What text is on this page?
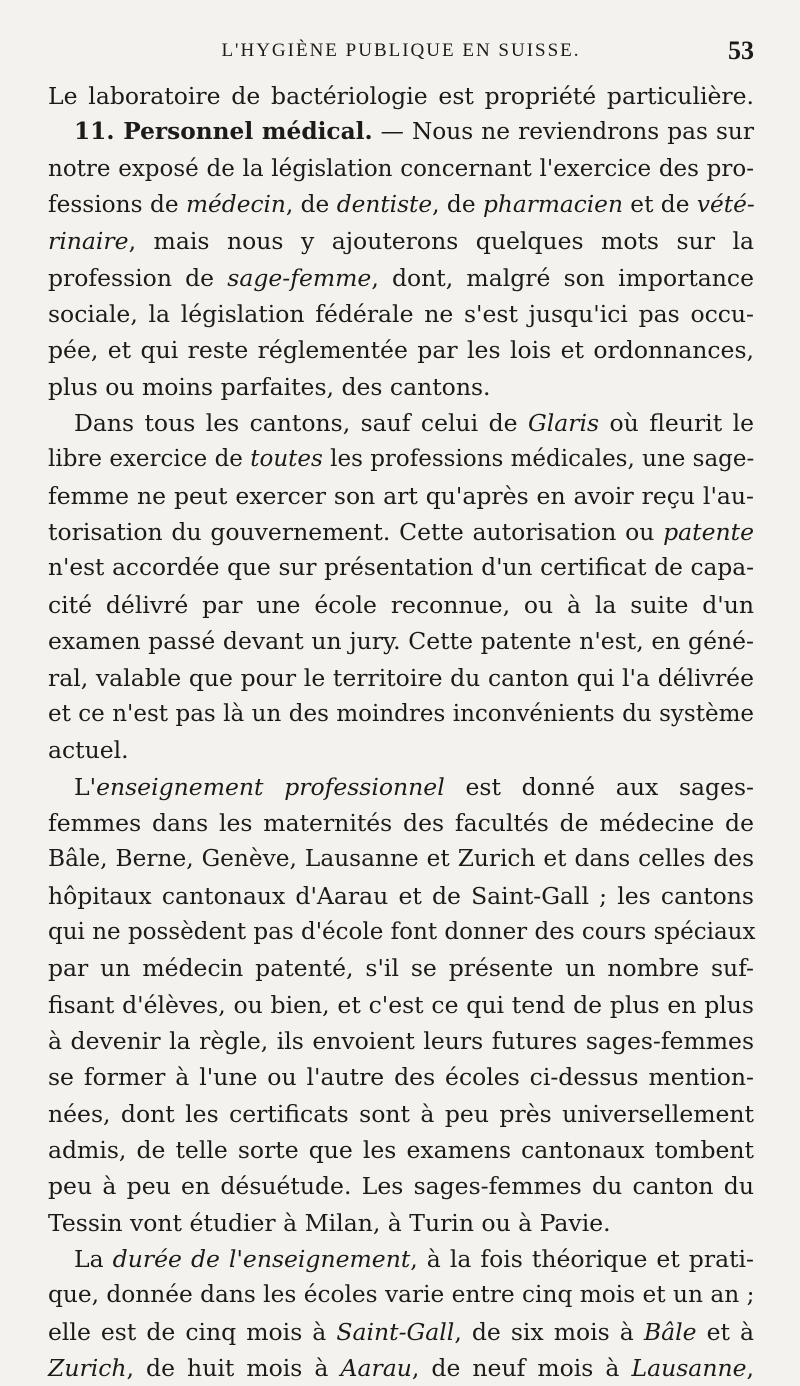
L'HYGIÈNE PUBLIQUE EN SUISSE.	53
Le laboratoire de bactériologie est propriété particulière.
11. Personnel médical. — Nous ne reviendrons pas sur
notre exposé de la législation concernant l'exercice des pro-
fessions de médecin, de dentiste, de pharmacien et de vété-
rinaire, mais nous y ajouterons quelques mots sur la
profession de sage-femme, dont, malgré son importance
sociale, la législation fédérale ne s'est jusqu'ici pas occu-
pée, et qui reste réglementée par les lois et ordonnances,
plus ou moins parfaites, des cantons.
Dans tous les cantons, sauf celui de Glaris où fleurit le
libre exercice de toutes les professions médicales, une sage-
femme ne peut exercer son art qu'après en avoir reçu l'au-
torisation du gouvernement. Cette autorisation ou patente
n'est accordée que sur présentation d'un certificat de capa-
cité délivré par une école reconnue, ou à la suite d'un
examen passé devant un jury. Cette patente n'est, en géné-
ral, valable que pour le territoire du canton qui l'a délivrée
et ce n'est pas là un des moindres inconvénients du système
actuel.
L'enseignement professionnel est donné aux sages-
femmes dans les maternités des facultés de médecine de
Bâle, Berne, Genève, Lausanne et Zurich et dans celles des
hôpitaux cantonaux d'Aarau et de Saint-Gall ; les cantons
qui ne possèdent pas d'école font donner des cours spéciaux
par un médecin patenté, s'il se présente un nombre suf-
fisant d'élèves, ou bien, et c'est ce qui tend de plus en plus
à devenir la règle, ils envoient leurs futures sages-femmes
se former à l'une ou l'autre des écoles ci-dessus mention-
nées, dont les certificats sont à peu près universellement
admis, de telle sorte que les examens cantonaux tombent
peu à peu en désuétude. Les sages-femmes du canton du
Tessin vont étudier à Milan, à Turin ou à Pavie.
La durée de l'enseignement, à la fois théorique et prati-
que, donnée dans les écoles varie entre cinq mois et un an ;
elle est de cinq mois à Saint-Gall, de six mois à Bâle et à
Zurich, de huit mois à Aarau, de neuf mois à Lausanne,
